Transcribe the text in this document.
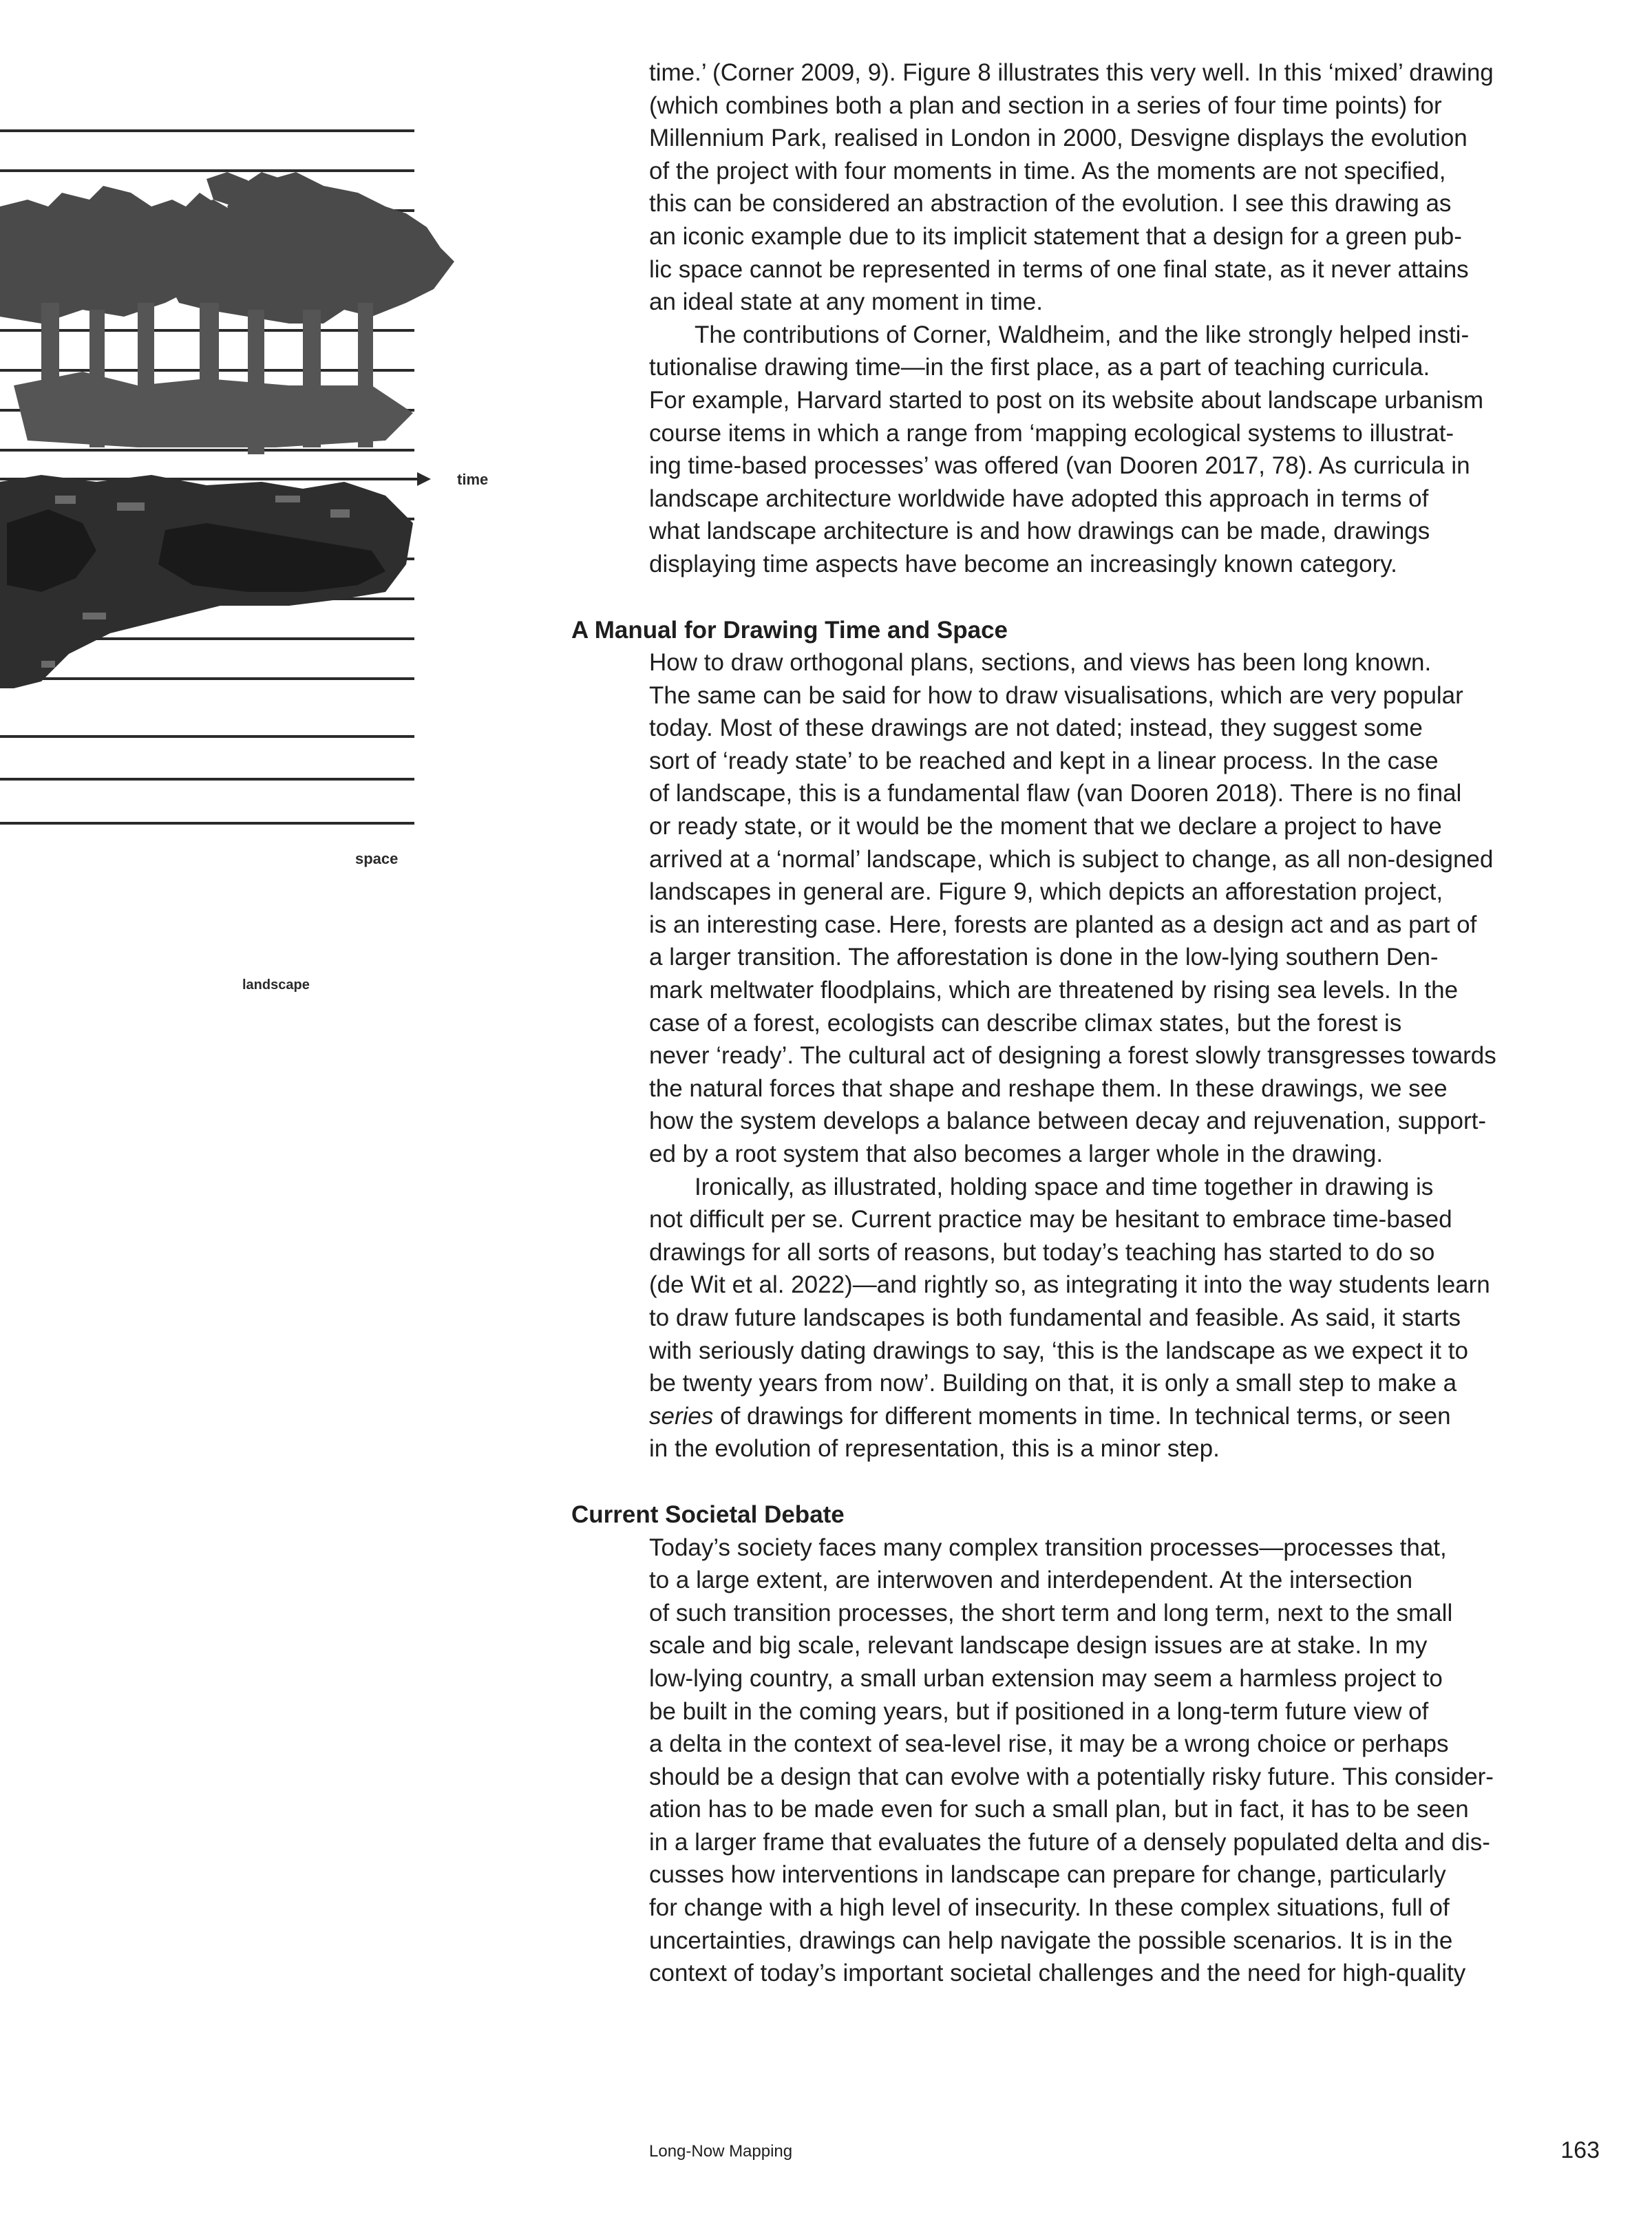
time
space
landscape

time.’ (Corner 2009, 9). Figure 8 illustrates this very well. In this ‘mixed’ drawing
(which combines both a plan and section in a series of four time points) for
Millennium Park, realised in London in 2000, Desvigne displays the evolution
of the project with four moments in time. As the moments are not specified,
this can be considered an abstraction of the evolution. I see this drawing as
an iconic example due to its implicit statement that a design for a green pub-
lic space cannot be represented in terms of one final state, as it never attains
an ideal state at any moment in time.

The contributions of Corner, Waldheim, and the like strongly helped insti-
tutionalise drawing time—in the first place, as a part of teaching curricula.
For example, Harvard started to post on its website about landscape urbanism
course items in which a range from ‘mapping ecological systems to illustrat-
ing time-based processes’ was offered (van Dooren 2017, 78). As curricula in
landscape architecture worldwide have adopted this approach in terms of
what landscape architecture is and how drawings can be made, drawings
displaying time aspects have become an increasingly known category.

A Manual for Drawing Time and Space

How to draw orthogonal plans, sections, and views has been long known.
The same can be said for how to draw visualisations, which are very popular
today. Most of these drawings are not dated; instead, they suggest some
sort of ‘ready state’ to be reached and kept in a linear process. In the case
of landscape, this is a fundamental flaw (van Dooren 2018). There is no final
or ready state, or it would be the moment that we declare a project to have
arrived at a ‘normal’ landscape, which is subject to change, as all non-designed
landscapes in general are. Figure 9, which depicts an afforestation project,
is an interesting case. Here, forests are planted as a design act and as part of
a larger transition. The afforestation is done in the low-lying southern Den-
mark meltwater floodplains, which are threatened by rising sea levels. In the
case of a forest, ecologists can describe climax states, but the forest is
never ‘ready’. The cultural act of designing a forest slowly transgresses towards
the natural forces that shape and reshape them. In these drawings, we see
how the system develops a balance between decay and rejuvenation, support-
ed by a root system that also becomes a larger whole in the drawing.

Ironically, as illustrated, holding space and time together in drawing is
not difficult per se. Current practice may be hesitant to embrace time-based
drawings for all sorts of reasons, but today’s teaching has started to do so
(de Wit et al. 2022)—and rightly so, as integrating it into the way students learn
to draw future landscapes is both fundamental and feasible. As said, it starts
with seriously dating drawings to say, ‘this is the landscape as we expect it to
be twenty years from now’. Building on that, it is only a small step to make a
series of drawings for different moments in time. In technical terms, or seen
in the evolution of representation, this is a minor step.

Current Societal Debate

Today’s society faces many complex transition processes—processes that,
to a large extent, are interwoven and interdependent. At the intersection
of such transition processes, the short term and long term, next to the small
scale and big scale, relevant landscape design issues are at stake. In my
low-lying country, a small urban extension may seem a harmless project to
be built in the coming years, but if positioned in a long-term future view of
a delta in the context of sea-level rise, it may be a wrong choice or perhaps
should be a design that can evolve with a potentially risky future. This consider-
ation has to be made even for such a small plan, but in fact, it has to be seen
in a larger frame that evaluates the future of a densely populated delta and dis-
cusses how interventions in landscape can prepare for change, particularly
for change with a high level of insecurity. In these complex situations, full of
uncertainties, drawings can help navigate the possible scenarios. It is in the
context of today’s important societal challenges and the need for high-quality

Long-Now Mapping	163
